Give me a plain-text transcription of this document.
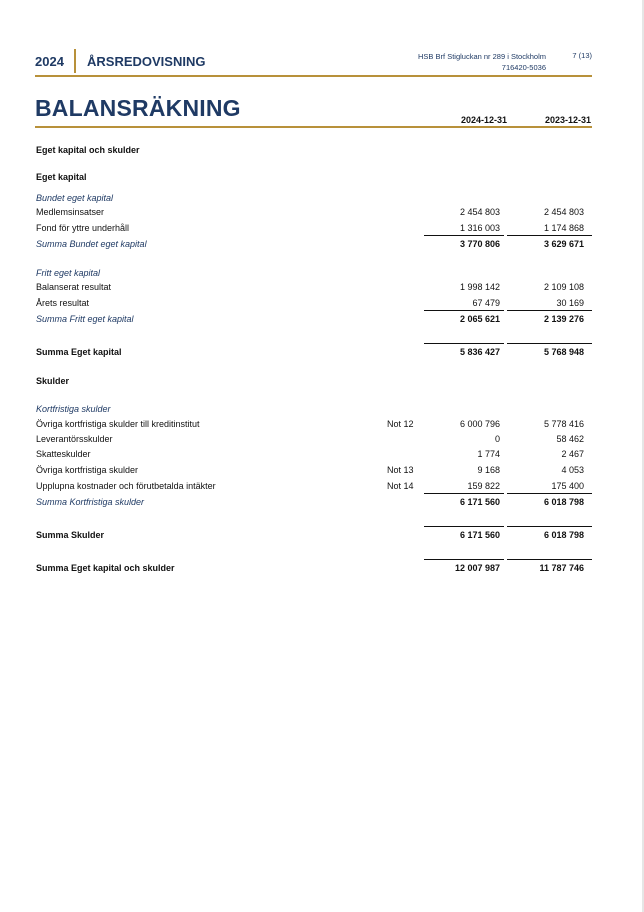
2024 ÅRSREDOVISNING	HSB Brf Stigluckan nr 289 i Stockholm
716420-5036
7 (13)
BALANSRÄKNING	2024-12-31	2023-12-31
Eget kapital och skulder
Eget kapital
Bundet eget kapital
Medlemsinsatser	2 454 803	2 454 803
Fond för yttre underhåll	1 316 003	1 174 868
Summa Bundet eget kapital	3 770 806	3 629 671
Fritt eget kapital
Balanserat resultat	1 998 142	2 109 108
Årets resultat	67 479	30 169
Summa Fritt eget kapital	2 065 621	2 139 276
Summa Eget kapital	5 836 427	5 768 948
Skulder
Kortfristiga skulder
Övriga kortfristiga skulder till kreditinstitut	Not 12	6 000 796	5 778 416
Leverantörsskulder	0	58 462
Skatteskulder	1 774	2 467
Övriga kortfristiga skulder	Not 13	9 168	4 053
Upplupna kostnader och förutbetalda intäkter	Not 14	159 822	175 400
Summa Kortfristiga skulder	6 171 560	6 018 798
Summa Skulder	6 171 560	6 018 798
Summa Eget kapital och skulder	12 007 987	11 787 746
